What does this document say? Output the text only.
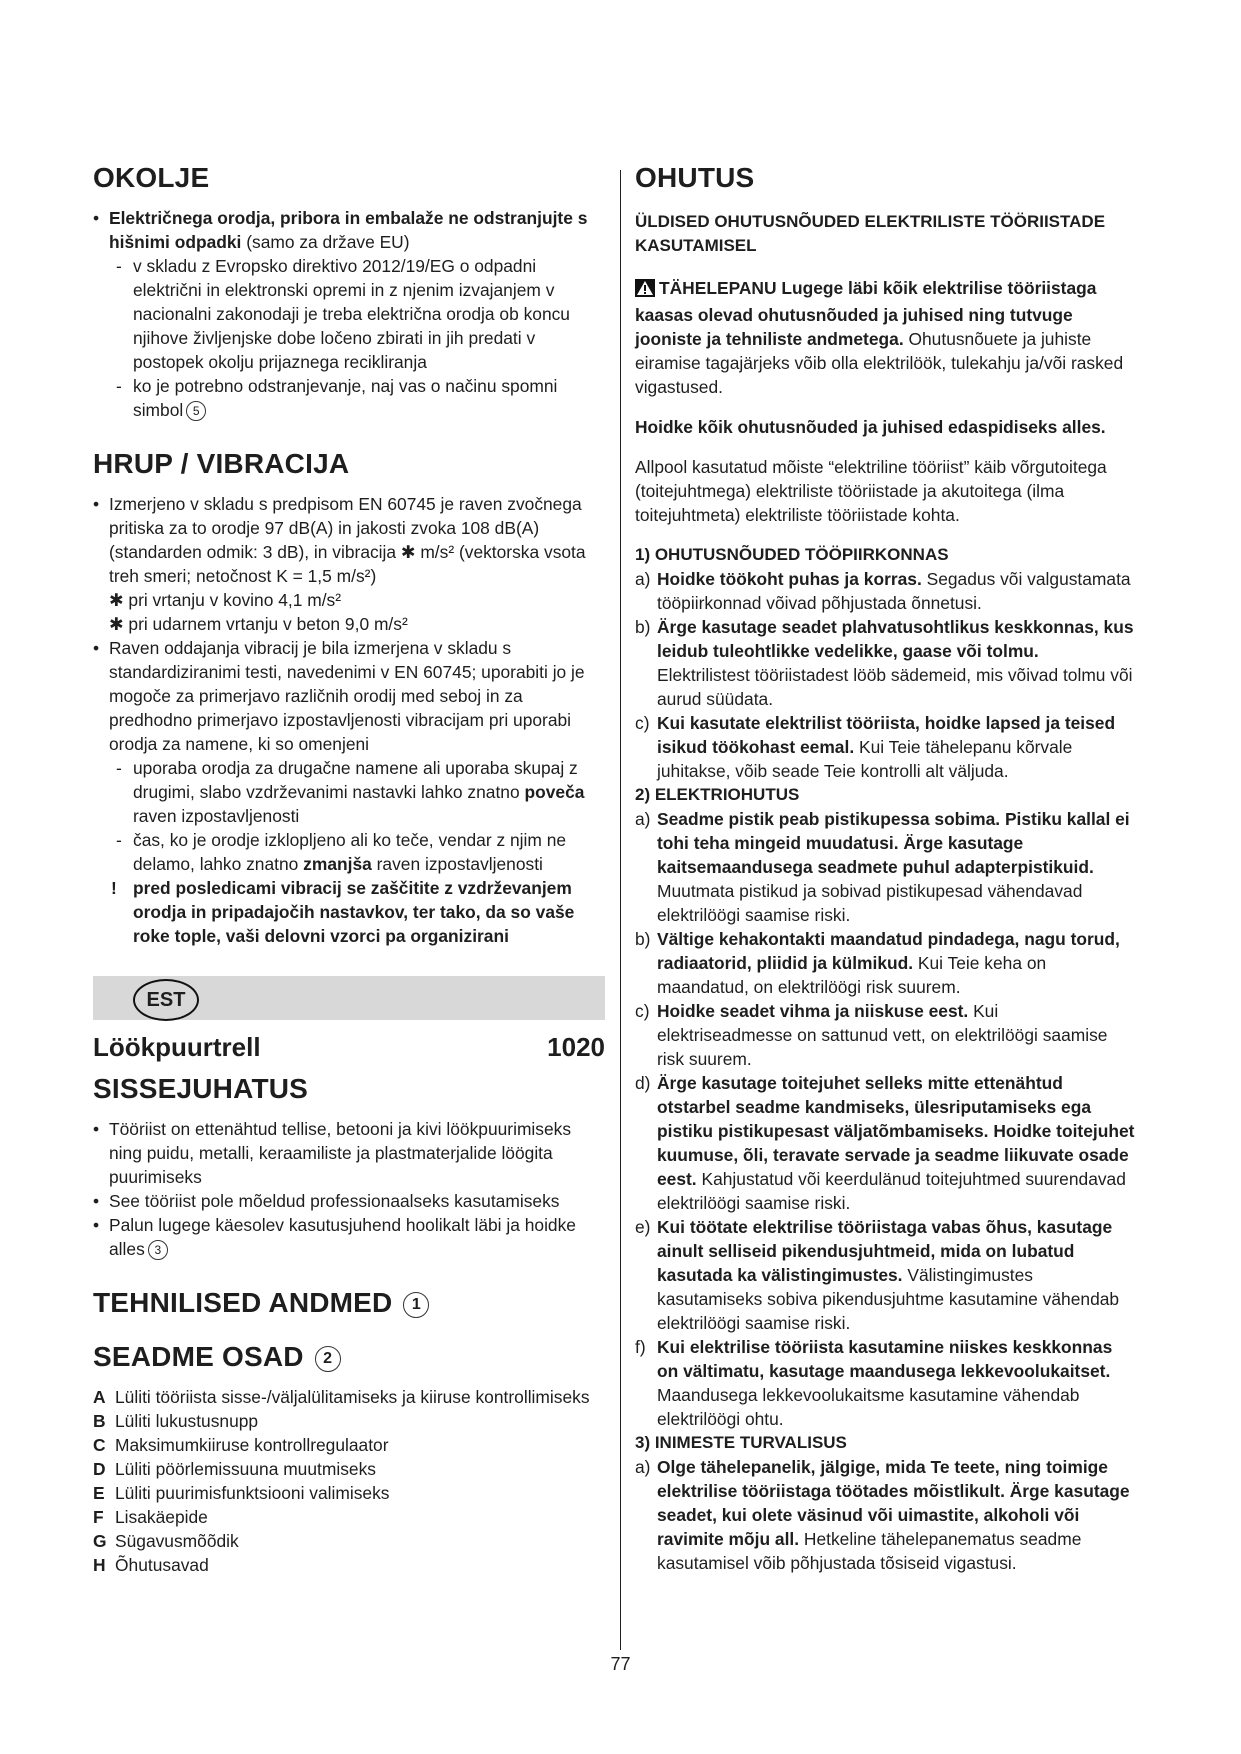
OKOLJE
• Električnega orodja, pribora in embalaže ne odstranjujte s hišnimi odpadki (samo za države EU)
- v skladu z Evropsko direktivo 2012/19/EG o odpadni električni in elektronski opremi in z njenim izvajanjem v nacionalni zakonodaji je treba električna orodja ob koncu njihove življenjske dobe ločeno zbirati in jih predati v postopek okolju prijaznega recikliranja
- ko je potrebno odstranjevanje, naj vas o načinu spomni simbol 5
HRUP / VIBRACIJA
• Izmerjeno v skladu s predpisom EN 60745 je raven zvočnega pritiska za to orodje 97 dB(A) in jakosti zvoka 108 dB(A) (standarden odmik: 3 dB), in vibracija ✱ m/s² (vektorska vsota treh smeri; netočnost K = 1,5 m/s²)
✱ pri vrtanju v kovino 4,1 m/s²
✱ pri udarnem vrtanju v beton 9,0 m/s²
• Raven oddajanja vibracij je bila izmerjena v skladu s standardiziranimi testi, navedenimi v EN 60745; uporabiti jo je mogoče za primerjavo različnih orodij med seboj in za predhodno primerjavo izpostavljenosti vibracijam pri uporabi orodja za namene, ki so omenjeni
- uporaba orodja za drugačne namene ali uporaba skupaj z drugimi, slabo vzdrževanimi nastavki lahko znatno poveča raven izpostavljenosti
- čas, ko je orodje izklopljeno ali ko teče, vendar z njim ne delamo, lahko znatno zmanjša raven izpostavljenosti
! pred posledicami vibracij se zaščitite z vzdrževanjem orodja in pripadajočih nastavkov, ter tako, da so vaše roke tople, vaši delovni vzorci pa organizirani
EST
Löökpuurtrell	1020
SISSEJUHATUS
• Tööriist on ettenähtud tellise, betooni ja kivi löökpuurimiseks ning puidu, metalli, keraamiliste ja plastmaterjalide löögita puurimiseks
• See tööriist pole mõeldud professionaalseks kasutamiseks
• Palun lugege käesolev kasutusjuhend hoolikalt läbi ja hoidke alles 3
TEHNILISED ANDMED 1
SEADME OSAD 2
A Lüliti tööriista sisse-/väljalülitamiseks ja kiiruse kontrollimiseks
B Lüliti lukustusnupp
C Maksimumkiiruse kontrollregulaator
D Lüliti pöörlemissuuna muutmiseks
E Lüliti puurimisfunktsiooni valimiseks
F Lisakäepide
G Sügavusmõõdik
H Õhutusavad
OHUTUS
ÜLDISED OHUTUSNÕUDED ELEKTRILISTE TÖÖRIISTADE KASUTAMISEL

TÄHELEPANU Lugege läbi kõik elektrilise tööriistaga kaasas olevad ohutusnõuded ja juhised ning tutvuge jooniste ja tehniliste andmetega. Ohutusnõuete ja juhiste eiramise tagajärjeks võib olla elektrilöök, tulekahju ja/või rasked vigastused.

Hoidke kõik ohutusnõuded ja juhised edaspidiseks alles.

Allpool kasutatud mõiste “elektriline tööriist” käib võrgutoitega (toitejuhtmega) elektriliste tööriistade ja akutoitega (ilma toitejuhtmeta) elektriliste tööriistade kohta.

1) OHUTUSNÕUDED TÖÖPIIRKONNAS
a) Hoidke töökoht puhas ja korras. Segadus või valgustamata tööpiirkonnad võivad põhjustada õnnetusi.
b) Ärge kasutage seadet plahvatusohtlikus keskkonnas, kus leidub tuleohtlikke vedelikke, gaase või tolmu. Elektrilistest tööriistadest lööb sädemeid, mis võivad tolmu või aurud süüdata.
c) Kui kasutate elektrilist tööriista, hoidke lapsed ja teised isikud töökohast eemal. Kui Teie tähelepanu kõrvale juhitakse, võib seade Teie kontrolli alt väljuda.
2) ELEKTRIOHUTUS
a) Seadme pistik peab pistikupessa sobima. Pistiku kallal ei tohi teha mingeid muudatusi. Ärge kasutage kaitsemaandusega seadmete puhul adapterpistikuid. Muutmata pistikud ja sobivad pistikupesad vähendavad elektrilöögi saamise riski.
b) Vältige kehakontakti maandatud pindadega, nagu torud, radiaatorid, pliidid ja külmikud. Kui Teie keha on maandatud, on elektrilöögi risk suurem.
c) Hoidke seadet vihma ja niiskuse eest. Kui elektriseadmesse on sattunud vett, on elektrilöögi saamise risk suurem.
d) Ärge kasutage toitejuhet selleks mitte ettenähtud otstarbel seadme kandmiseks, ülesriputamiseks ega pistiku pistikupesast väljatõmbamiseks. Hoidke toitejuhet kuumuse, õli, teravate servade ja seadme liikuvate osade eest. Kahjustatud või keerdulänud toitejuhtmed suurendavad elektrilöögi saamise riski.
e) Kui töötate elektrilise tööriistaga vabas õhus, kasutage ainult selliseid pikendusjuhtmeid, mida on lubatud kasutada ka välistingimustes. Välistingimustes kasutamiseks sobiva pikendusjuhtme kasutamine vähendab elektrilöögi saamise riski.
f) Kui elektrilise tööriista kasutamine niiskes keskkonnas on vältimatu, kasutage maandusega lekkevoolukaitset. Maandusega lekkevoolukaitsme kasutamine vähendab elektrilöögi ohtu.
3) INIMESTE TURVALISUS
a) Olge tähelepanelik, jälgige, mida Te teete, ning toimige elektrilise tööriistaga töötades mõistlikult. Ärge kasutage seadet, kui olete väsinud või uimastite, alkoholi või ravimite mõju all. Hetkeline tähelepanematus seadme kasutamisel võib põhjustada tõsiseid vigastusi.
77
